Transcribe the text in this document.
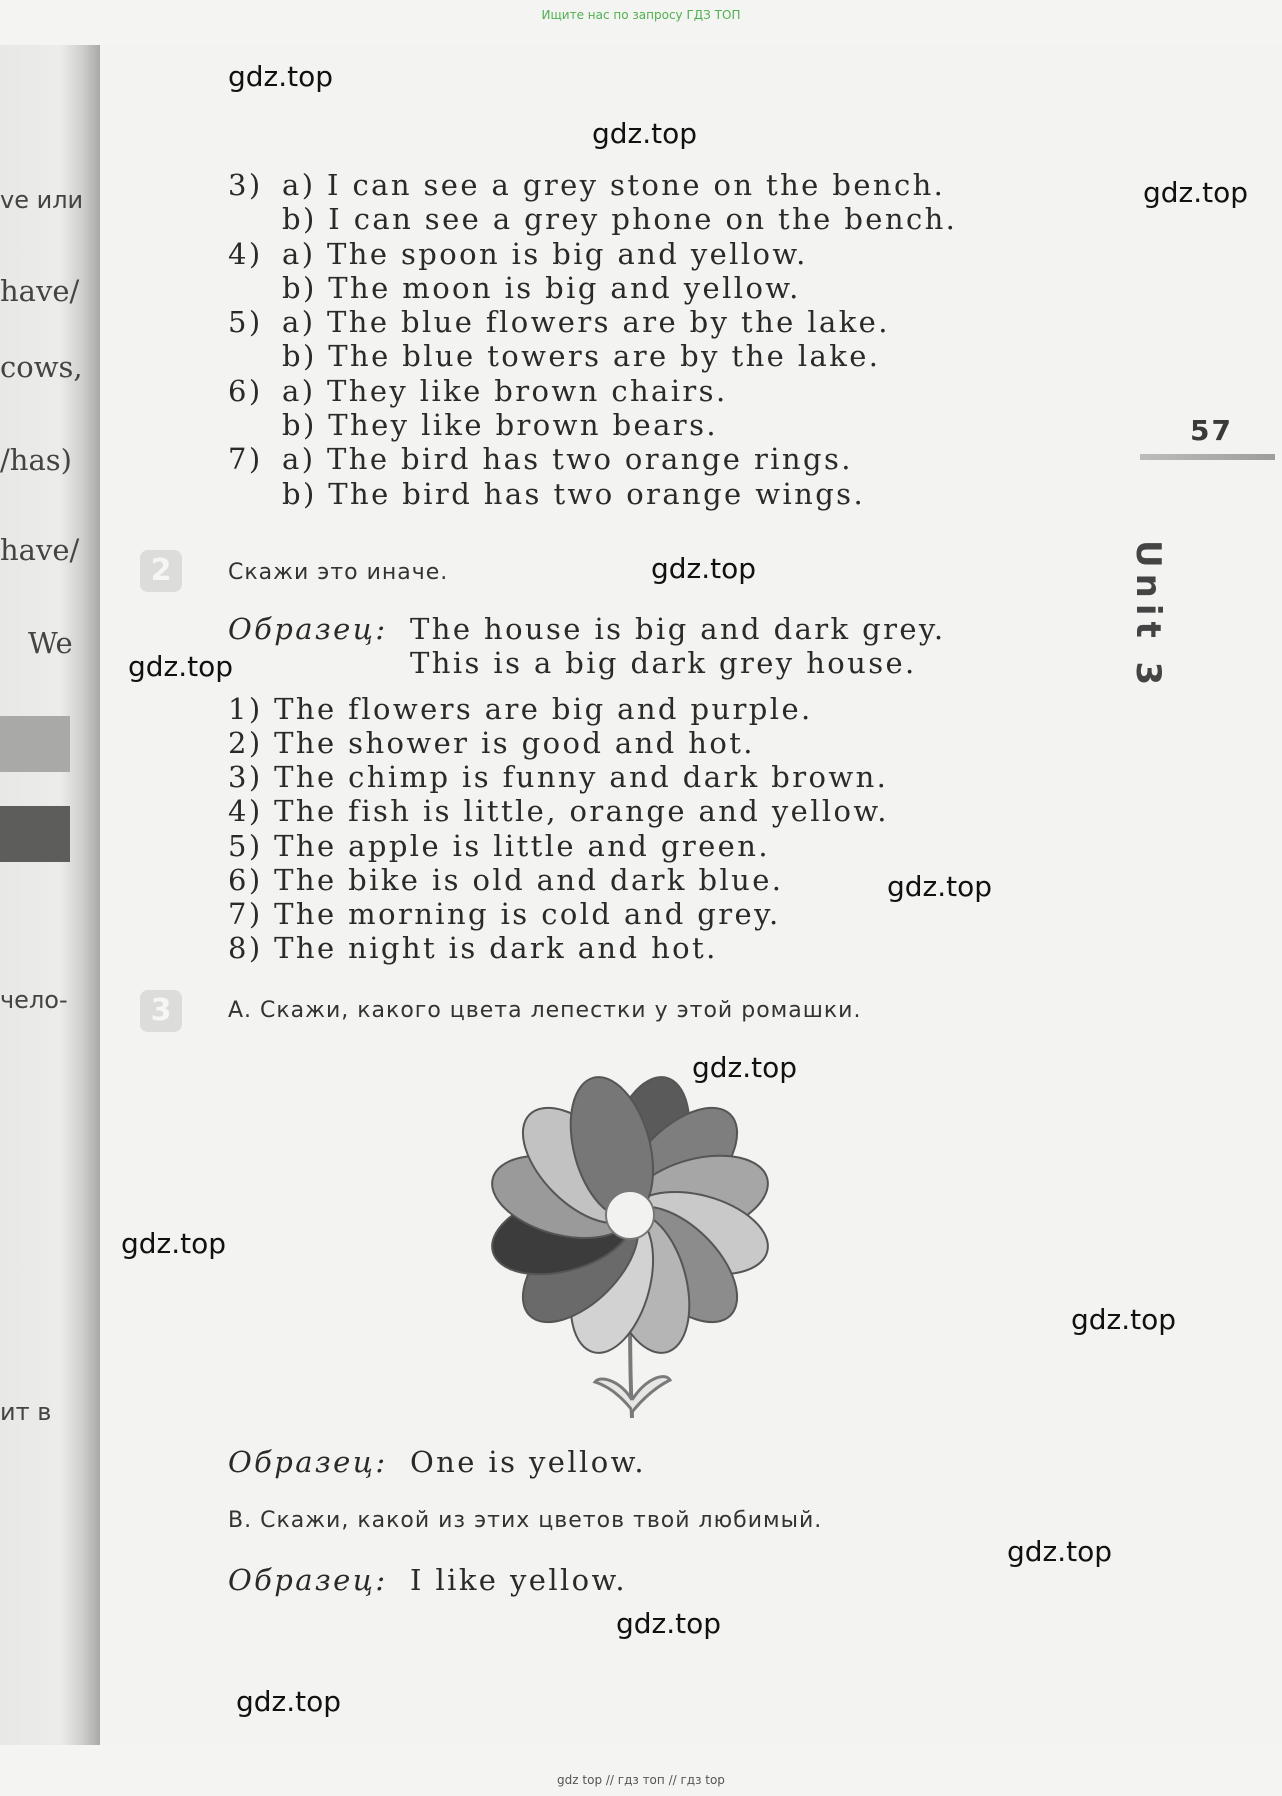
Ищите нас по запросу ГДЗ ТОП
ve или
have/
cows,
/has)
have/
We
чело-
ит в
57
3) a) I can see a grey stone on the bench.
b) I can see a grey phone on the bench.
4) a) The spoon is big and yellow.
b) The moon is big and yellow.
5) a) The blue flowers are by the lake.
b) The blue towers are by the lake.
6) a) They like brown chairs.
b) They like brown bears.
7) a) The bird has two orange rings.
b) The bird has two orange wings.
2	Скажи это иначе.
Образец: The house is big and dark grey.
This is a big dark grey house.
1) The flowers are big and purple.
2) The shower is good and hot.
3) The chimp is funny and dark brown.
4) The fish is little, orange and yellow.
5) The apple is little and green.
6) The bike is old and dark blue.
7) The morning is cold and grey.
8) The night is dark and hot.
3	А. Скажи, какого цвета лепестки у этой ромашки.
Образец: One is yellow.
В. Скажи, какой из этих цветов твой любимый.
Образец: I like yellow.
gdz.top
gdz.top
gdz.top
gdz.top
gdz.top
gdz.top
gdz.top
gdz.top
gdz.top
gdz.top
gdz.top
gdz.top
gdz top // гдз топ // гдз top
